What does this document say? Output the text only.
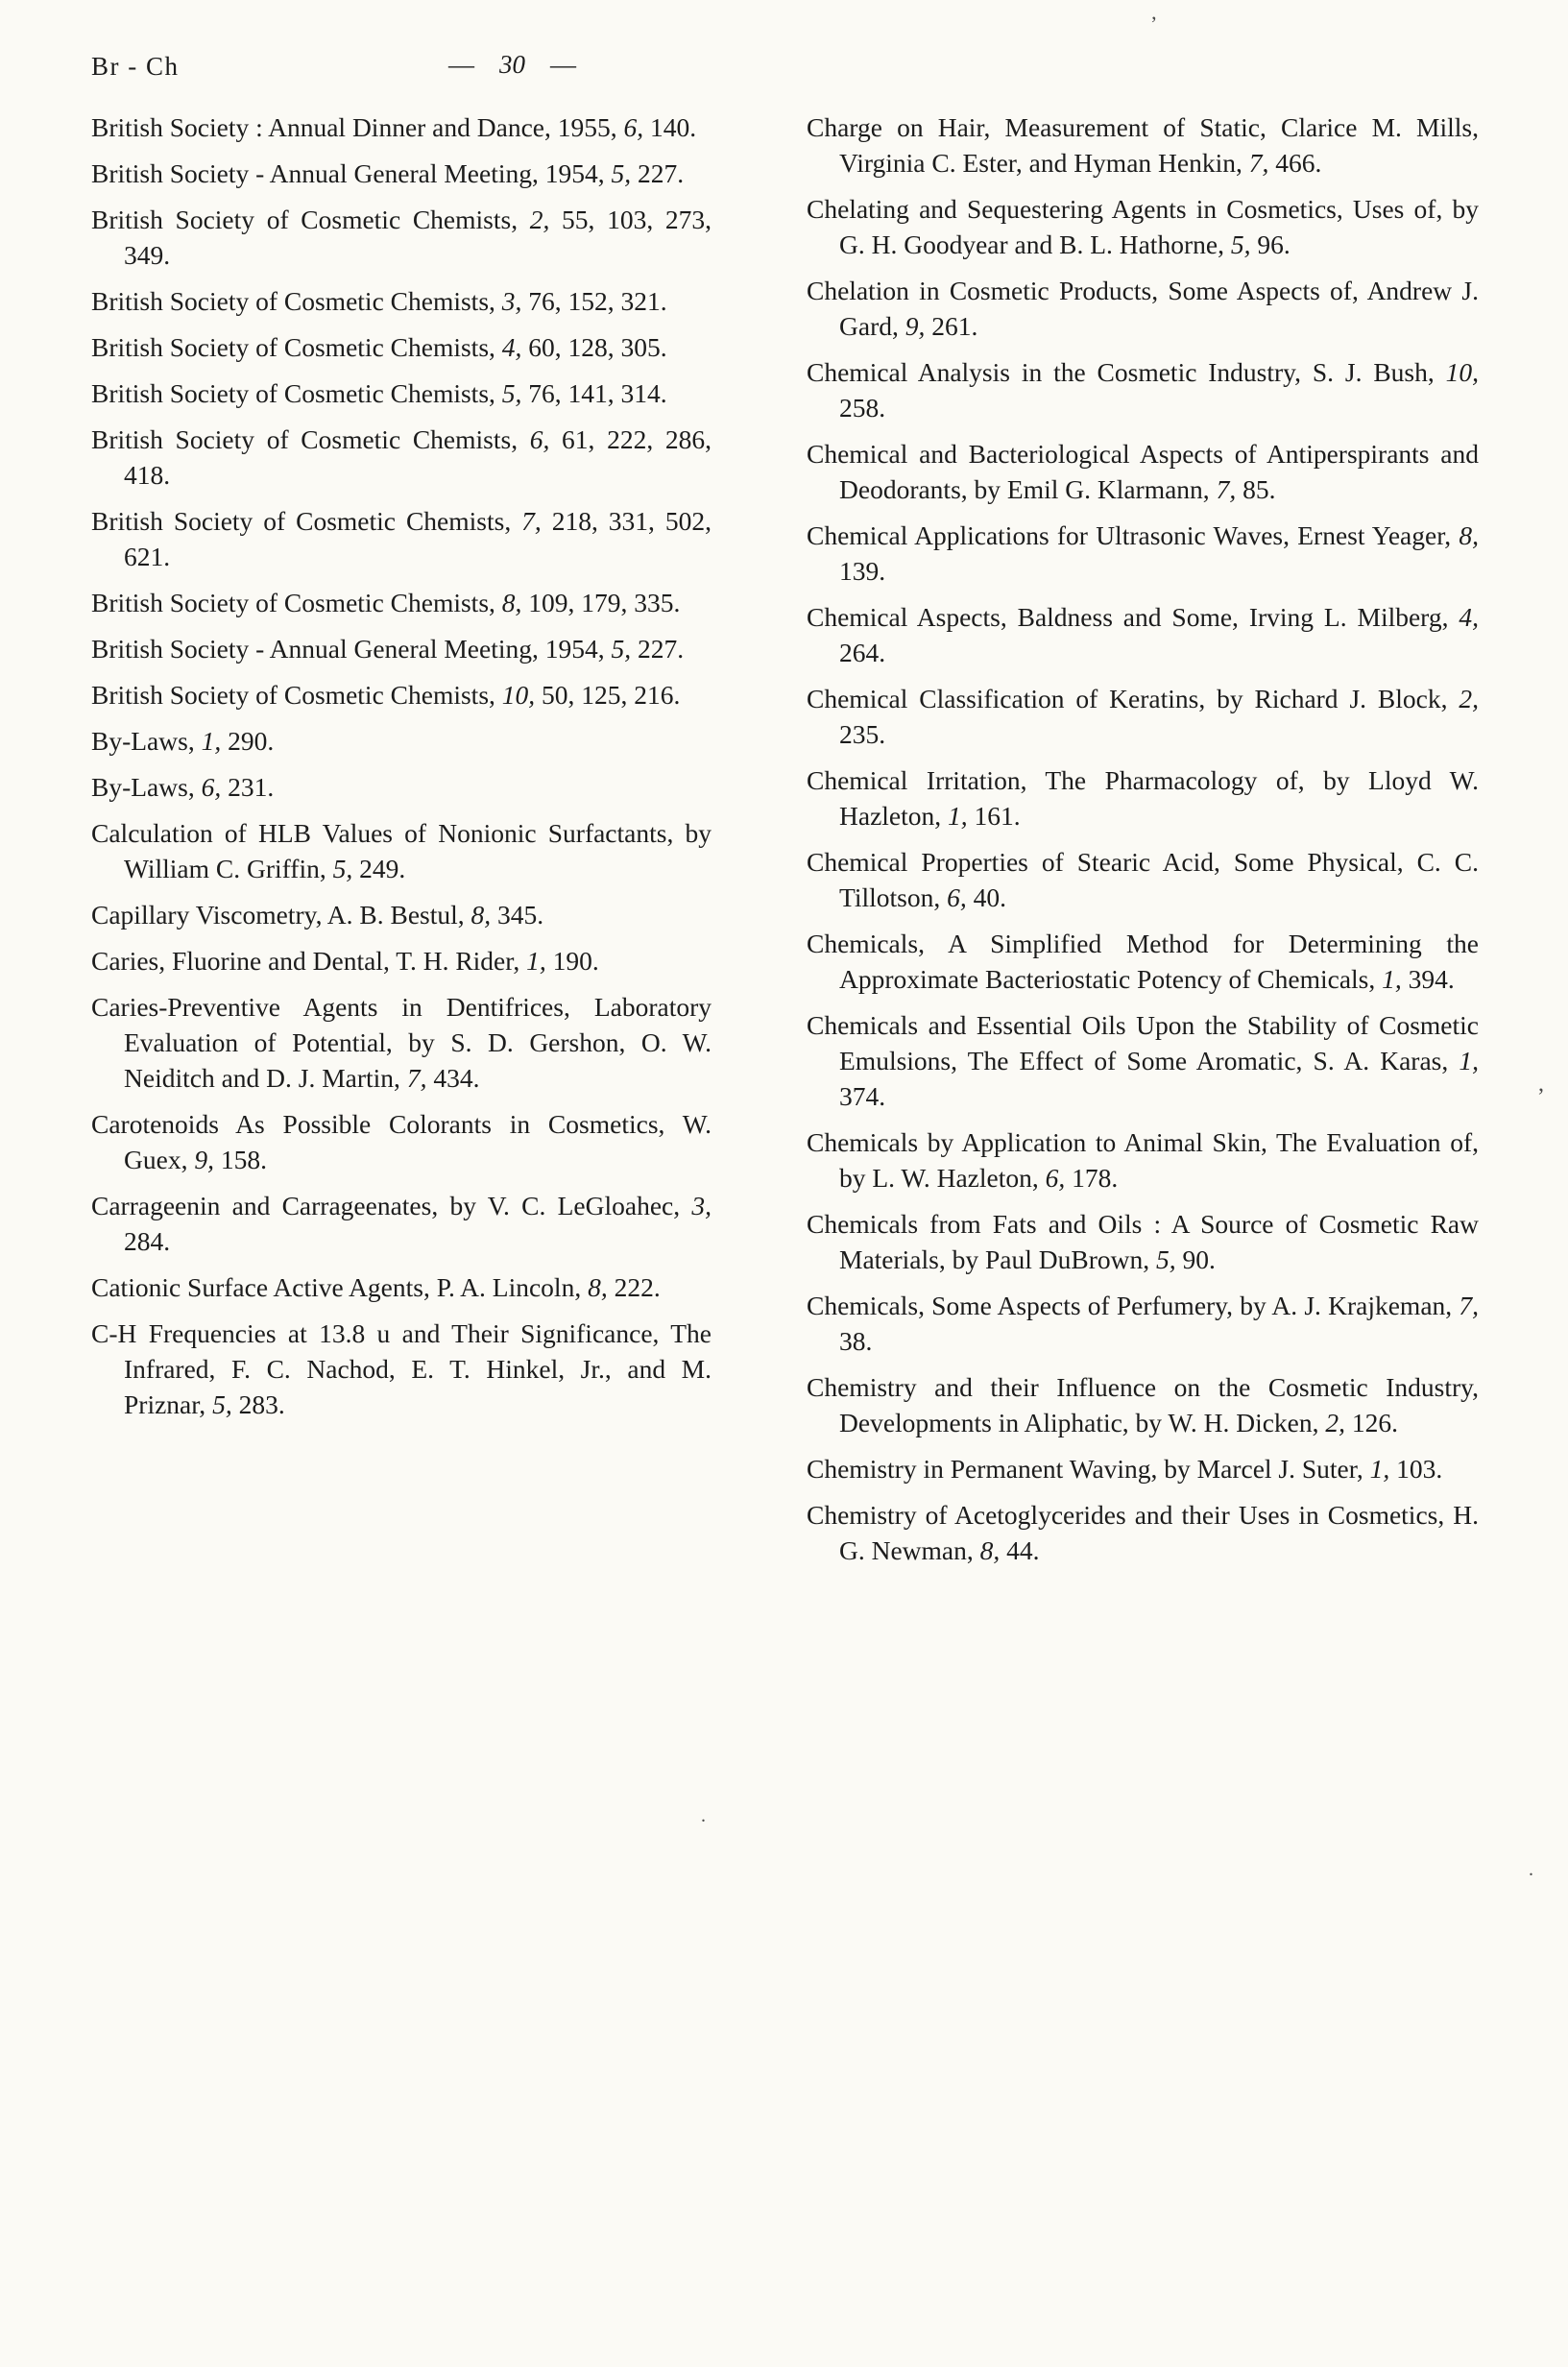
Br - Ch	— 30 —
British Society : Annual Dinner and Dance, 1955, 6, 140.
British Society - Annual General Meeting, 1954, 5, 227.
British Society of Cosmetic Chemists, 2, 55, 103, 273, 349.
British Society of Cosmetic Chemists, 3, 76, 152, 321.
British Society of Cosmetic Chemists, 4, 60, 128, 305.
British Society of Cosmetic Chemists, 5, 76, 141, 314.
British Society of Cosmetic Chemists, 6, 61, 222, 286, 418.
British Society of Cosmetic Chemists, 7, 218, 331, 502, 621.
British Society of Cosmetic Chemists, 8, 109, 179, 335.
British Society - Annual General Meeting, 1954, 5, 227.
British Society of Cosmetic Chemists, 10, 50, 125, 216.
By-Laws, 1, 290.
By-Laws, 6, 231.
Calculation of HLB Values of Nonionic Surfactants, by William C. Griffin, 5, 249.
Capillary Viscometry, A. B. Bestul, 8, 345.
Caries, Fluorine and Dental, T. H. Rider, 1, 190.
Caries-Preventive Agents in Dentifrices, Laboratory Evaluation of Potential, by S. D. Gershon, O. W. Neiditch and D. J. Martin, 7, 434.
Carotenoids As Possible Colorants in Cosmetics, W. Guex, 9, 158.
Carrageenin and Carrageenates, by V. C. LeGloahec, 3, 284.
Cationic Surface Active Agents, P. A. Lincoln, 8, 222.
C-H Frequencies at 13.8 u and Their Significance, The Infrared, F. C. Nachod, E. T. Hinkel, Jr., and M. Priznar, 5, 283.
Charge on Hair, Measurement of Static, Clarice M. Mills, Virginia C. Ester, and Hyman Henkin, 7, 466.
Chelating and Sequestering Agents in Cosmetics, Uses of, by G. H. Goodyear and B. L. Hathorne, 5, 96.
Chelation in Cosmetic Products, Some Aspects of, Andrew J. Gard, 9, 261.
Chemical Analysis in the Cosmetic Industry, S. J. Bush, 10, 258.
Chemical and Bacteriological Aspects of Antiperspirants and Deodorants, by Emil G. Klarmann, 7, 85.
Chemical Applications for Ultrasonic Waves, Ernest Yeager, 8, 139.
Chemical Aspects, Baldness and Some, Irving L. Milberg, 4, 264.
Chemical Classification of Keratins, by Richard J. Block, 2, 235.
Chemical Irritation, The Pharmacology of, by Lloyd W. Hazleton, 1, 161.
Chemical Properties of Stearic Acid, Some Physical, C. C. Tillotson, 6, 40.
Chemicals, A Simplified Method for Determining the Approximate Bacteriostatic Potency of Chemicals, 1, 394.
Chemicals and Essential Oils Upon the Stability of Cosmetic Emulsions, The Effect of Some Aromatic, S. A. Karas, 1, 374.
Chemicals by Application to Animal Skin, The Evaluation of, by L. W. Hazleton, 6, 178.
Chemicals from Fats and Oils : A Source of Cosmetic Raw Materials, by Paul DuBrown, 5, 90.
Chemicals, Some Aspects of Perfumery, by A. J. Krajkeman, 7, 38.
Chemistry and their Influence on the Cosmetic Industry, Developments in Aliphatic, by W. H. Dicken, 2, 126.
Chemistry in Permanent Waving, by Marcel J. Suter, 1, 103.
Chemistry of Acetoglycerides and their Uses in Cosmetics, H. G. Newman, 8, 44.
’
,
.
.
